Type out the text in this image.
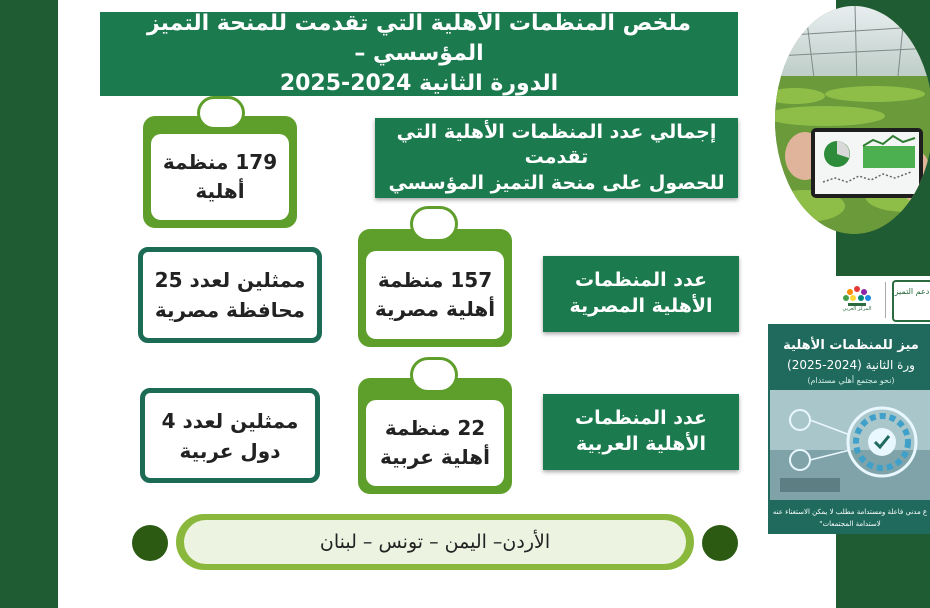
ملخص المنظمات الأهلية التي تقدمت للمنحة التميز المؤسسي –
الدورة الثانية 2024-2025
إجمالي عدد المنظمات الأهلية التي تقدمت
للحصول على منحة التميز المؤسسي
179 منظمة
أهلية
عدد المنظمات
الأهلية المصرية
157 منظمة
أهلية مصرية
ممثلين لعدد 25
محافظة مصرية
عدد المنظمات
الأهلية العربية
22 منظمة
أهلية عربية
ممثلين لعدد 4
دول عربية
الأردن– اليمن – تونس – لبنان
المركز العربي
دعم التميز
ميز للمنظمات الأهلية
ورة الثانية (2024-2025)
(نحو مجتمع أهلي مستدام)
ع مدني فاعلة ومستدامة مطلب لا يمكن الاستغناء عنه
لاستدامة المجتمعات"
